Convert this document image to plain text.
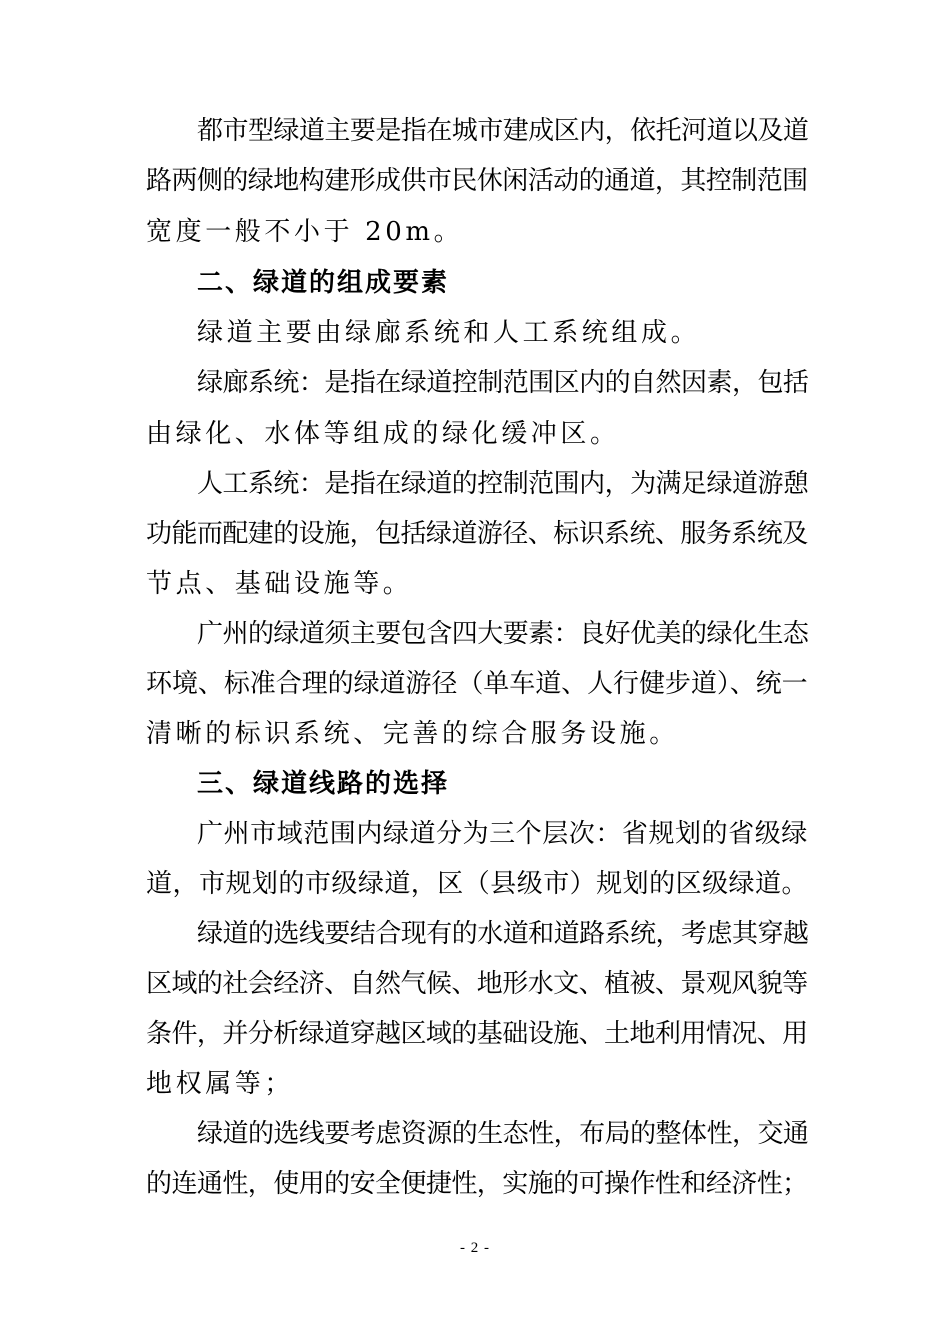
都市型绿道主要是指在城市建成区内，依托河道以及道
路两侧的绿地构建形成供市民休闲活动的通道，其控制范围
宽度一般不小于 20m。
二、绿道的组成要素
绿道主要由绿廊系统和人工系统组成。
绿廊系统：是指在绿道控制范围区内的自然因素，包括
由绿化、水体等组成的绿化缓冲区。
人工系统：是指在绿道的控制范围内，为满足绿道游憩
功能而配建的设施，包括绿道游径、标识系统、服务系统及
节点、基础设施等。
广州的绿道须主要包含四大要素：良好优美的绿化生态
环境、标准合理的绿道游径（单车道、人行健步道）、统一
清晰的标识系统、完善的综合服务设施。
三、绿道线路的选择
广州市域范围内绿道分为三个层次：省规划的省级绿
道，市规划的市级绿道，区（县级市）规划的区级绿道。
绿道的选线要结合现有的水道和道路系统，考虑其穿越
区域的社会经济、自然气候、地形水文、植被、景观风貌等
条件，并分析绿道穿越区域的基础设施、土地利用情况、用
地权属等；
绿道的选线要考虑资源的生态性，布局的整体性，交通
的连通性，使用的安全便捷性，实施的可操作性和经济性；
- 2 -
